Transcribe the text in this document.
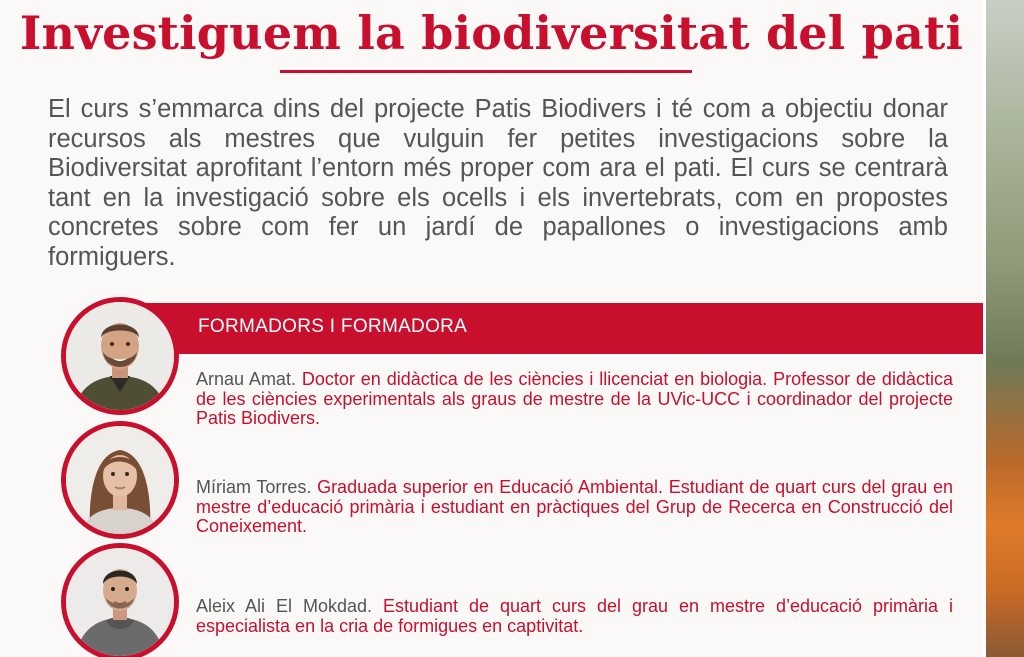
Investiguem la biodiversitat del pati

El curs s’emmarca dins del projecte Patis Biodivers i té com a objectiu donar recursos als mestres que vulguin fer petites investigacions sobre la Biodiversitat aprofitant l’entorn més proper com ara el pati. El curs se centrarà tant en la investigació sobre els ocells i els invertebrats, com en propostes concretes sobre com fer un jardí de papallones o investigacions amb formiguers.

FORMADORS I FORMADORA

Arnau Amat. Doctor en didàctica de les ciències i llicenciat en biologia. Professor de didàctica de les ciències experimentals als graus de mestre de la UVic-UCC i coordinador del projecte Patis Biodivers.

Míriam Torres. Graduada superior en Educació Ambiental. Estudiant de quart curs del grau en mestre d’educació primària i estudiant en pràctiques del Grup de Recerca en Construcció del Coneixement.

Aleix Ali El Mokdad. Estudiant de quart curs del grau en mestre d’educació primària i especialista en la cria de formigues en captivitat.
